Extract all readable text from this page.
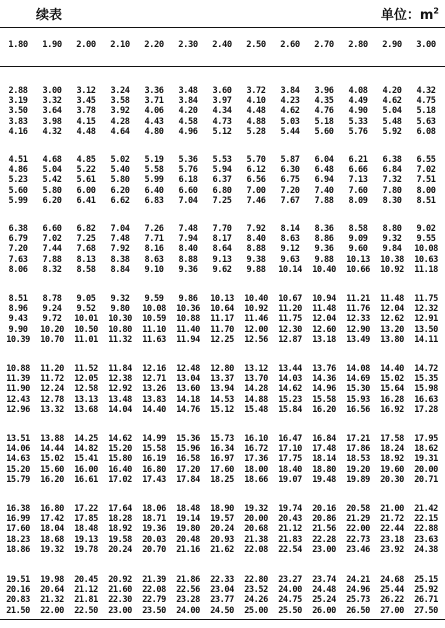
续表	单位：$m^2$
1.80	1.90	2.00	2.10	2.20	2.30	2.40	2.50	2.60	2.70	2.80	2.90	3.00
2.88	3.00	3.12	3.24	3.36	3.48	3.60	3.72	3.84	3.96	4.08	4.20	4.32
3.19	3.32	3.45	3.58	3.71	3.84	3.97	4.10	4.23	4.35	4.49	4.62	4.75
3.50	3.64	3.78	3.92	4.06	4.20	4.34	4.48	4.62	4.76	4.90	5.04	5.18
3.83	3.98	4.15	4.28	4.43	4.58	4.73	4.88	5.03	5.18	5.33	5.48	5.63
4.16	4.32	4.48	4.64	4.80	4.96	5.12	5.28	5.44	5.60	5.76	5.92	6.08
4.51	4.68	4.85	5.02	5.19	5.36	5.53	5.70	5.87	6.04	6.21	6.38	6.55
4.86	5.04	5.22	5.40	5.58	5.76	5.94	6.12	6.30	6.48	6.66	6.84	7.02
5.23	5.42	5.61	5.80	5.99	6.18	6.37	6.56	6.75	6.94	7.13	7.32	7.51
5.60	5.80	6.00	6.20	6.40	6.60	6.80	7.00	7.20	7.40	7.60	7.80	8.00
5.99	6.20	6.41	6.62	6.83	7.04	7.25	7.46	7.67	7.88	8.09	8.30	8.51
6.38	6.60	6.82	7.04	7.26	7.48	7.70	7.92	8.14	8.36	8.58	8.80	9.02
6.79	7.02	7.25	7.48	7.71	7.94	8.17	8.40	8.63	8.86	9.09	9.32	9.55
7.20	7.44	7.68	7.92	8.16	8.40	8.64	8.88	9.12	9.36	9.60	9.84	10.08
7.63	7.88	8.13	8.38	8.63	8.88	9.13	9.38	9.63	9.88	10.13	10.38	10.63
8.06	8.32	8.58	8.84	9.10	9.36	9.62	9.88	10.14	10.40	10.66	10.92	11.18
8.51	8.78	9.05	9.32	9.59	9.86	10.13	10.40	10.67	10.94	11.21	11.48	11.75
8.96	9.24	9.52	9.80	10.08	10.36	10.64	10.92	11.20	11.48	11.76	12.04	12.32
9.43	9.72	10.01	10.30	10.59	10.88	11.17	11.46	11.75	12.04	12.33	12.62	12.91
9.90	10.20	10.50	10.80	11.10	11.40	11.70	12.00	12.30	12.60	12.90	13.20	13.50
10.39	10.70	11.01	11.32	11.63	11.94	12.25	12.56	12.87	13.18	13.49	13.80	14.11
10.88	11.20	11.52	11.84	12.16	12.48	12.80	13.12	13.44	13.76	14.08	14.40	14.72
11.39	11.72	12.05	12.38	12.71	13.04	13.37	13.70	14.03	14.36	14.69	15.02	15.35
11.90	12.24	12.58	12.92	13.26	13.60	13.94	14.28	14.62	14.96	15.30	15.64	15.98
12.43	12.78	13.13	13.48	13.83	14.18	14.53	14.88	15.23	15.58	15.93	16.28	16.63
12.96	13.32	13.68	14.04	14.40	14.76	15.12	15.48	15.84	16.20	16.56	16.92	17.28
13.51	13.88	14.25	14.62	14.99	15.36	15.73	16.10	16.47	16.84	17.21	17.58	17.95
14.06	14.44	14.82	15.20	15.58	15.96	16.34	16.72	17.10	17.48	17.86	18.24	18.62
14.63	15.02	15.41	15.80	16.19	16.58	16.97	17.36	17.75	18.14	18.53	18.92	19.31
15.20	15.60	16.00	16.40	16.80	17.20	17.60	18.00	18.40	18.80	19.20	19.60	20.00
15.79	16.20	16.61	17.02	17.43	17.84	18.25	18.66	19.07	19.48	19.89	20.30	20.71
16.38	16.80	17.22	17.64	18.06	18.48	18.90	19.32	19.74	20.16	20.58	21.00	21.42
16.99	17.42	17.85	18.28	18.71	19.14	19.57	20.00	20.43	20.86	21.29	21.72	22.15
17.60	18.04	18.48	18.92	19.36	19.80	20.24	20.68	21.12	21.56	22.00	22.44	22.88
18.23	18.68	19.13	19.58	20.03	20.48	20.93	21.38	21.83	22.28	22.73	23.18	23.63
18.86	19.32	19.78	20.24	20.70	21.16	21.62	22.08	22.54	23.00	23.46	23.92	24.38
19.51	19.98	20.45	20.92	21.39	21.86	22.33	22.80	23.27	23.74	24.21	24.68	25.15
20.16	20.64	21.12	21.60	22.08	22.56	23.04	23.52	24.00	24.48	24.96	25.44	25.92
20.83	21.32	21.81	22.30	22.79	23.28	23.77	24.26	24.75	25.24	25.73	26.22	26.71
21.50	22.00	22.50	23.00	23.50	24.00	24.50	25.00	25.50	26.00	26.50	27.00	27.50
